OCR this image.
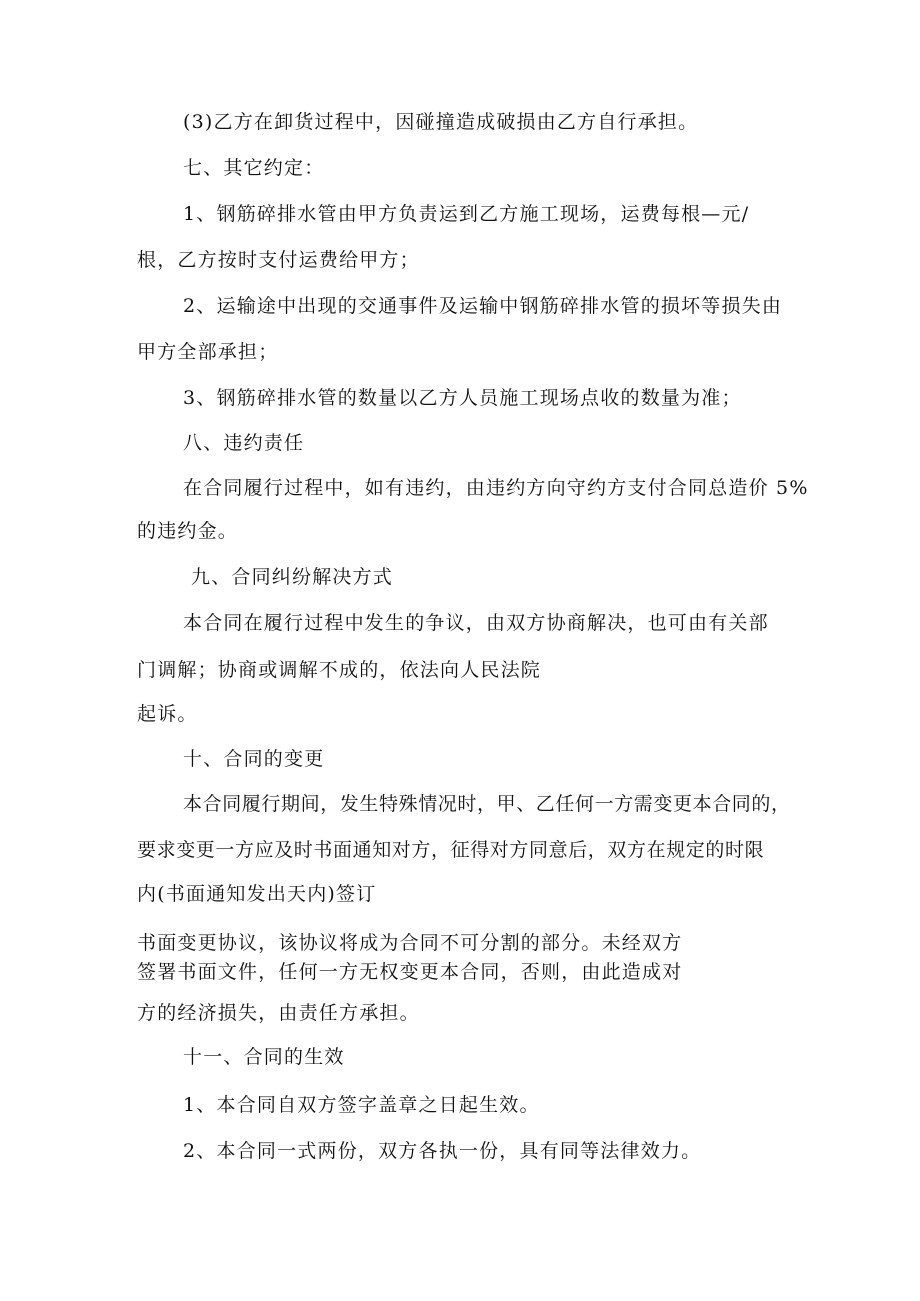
(3)乙方在卸货过程中，因碰撞造成破损由乙方自行承担。
七、其它约定：
1、钢筋碎排水管由甲方负责运到乙方施工现场，运费每根—元/
根，乙方按时支付运费给甲方；
2、运输途中出现的交通事件及运输中钢筋碎排水管的损坏等损失由
甲方全部承担；
3、钢筋碎排水管的数量以乙方人员施工现场点收的数量为准；
八、违约责任
在合同履行过程中，如有违约，由违约方向守约方支付合同总造价 5%
的违约金。
九、合同纠纷解决方式
本合同在履行过程中发生的争议，由双方协商解决，也可由有关部
门调解；协商或调解不成的，依法向人民法院
起诉。
十、合同的变更
本合同履行期间，发生特殊情况时，甲、乙任何一方需变更本合同的，
要求变更一方应及时书面通知对方，征得对方同意后，双方在规定的时限
内(书面通知发出天内)签订
书面变更协议，该协议将成为合同不可分割的部分。未经双方
签署书面文件，任何一方无权变更本合同，否则，由此造成对
方的经济损失，由责任方承担。
十一、合同的生效
1、本合同自双方签字盖章之日起生效。
2、本合同一式两份，双方各执一份，具有同等法律效力。
